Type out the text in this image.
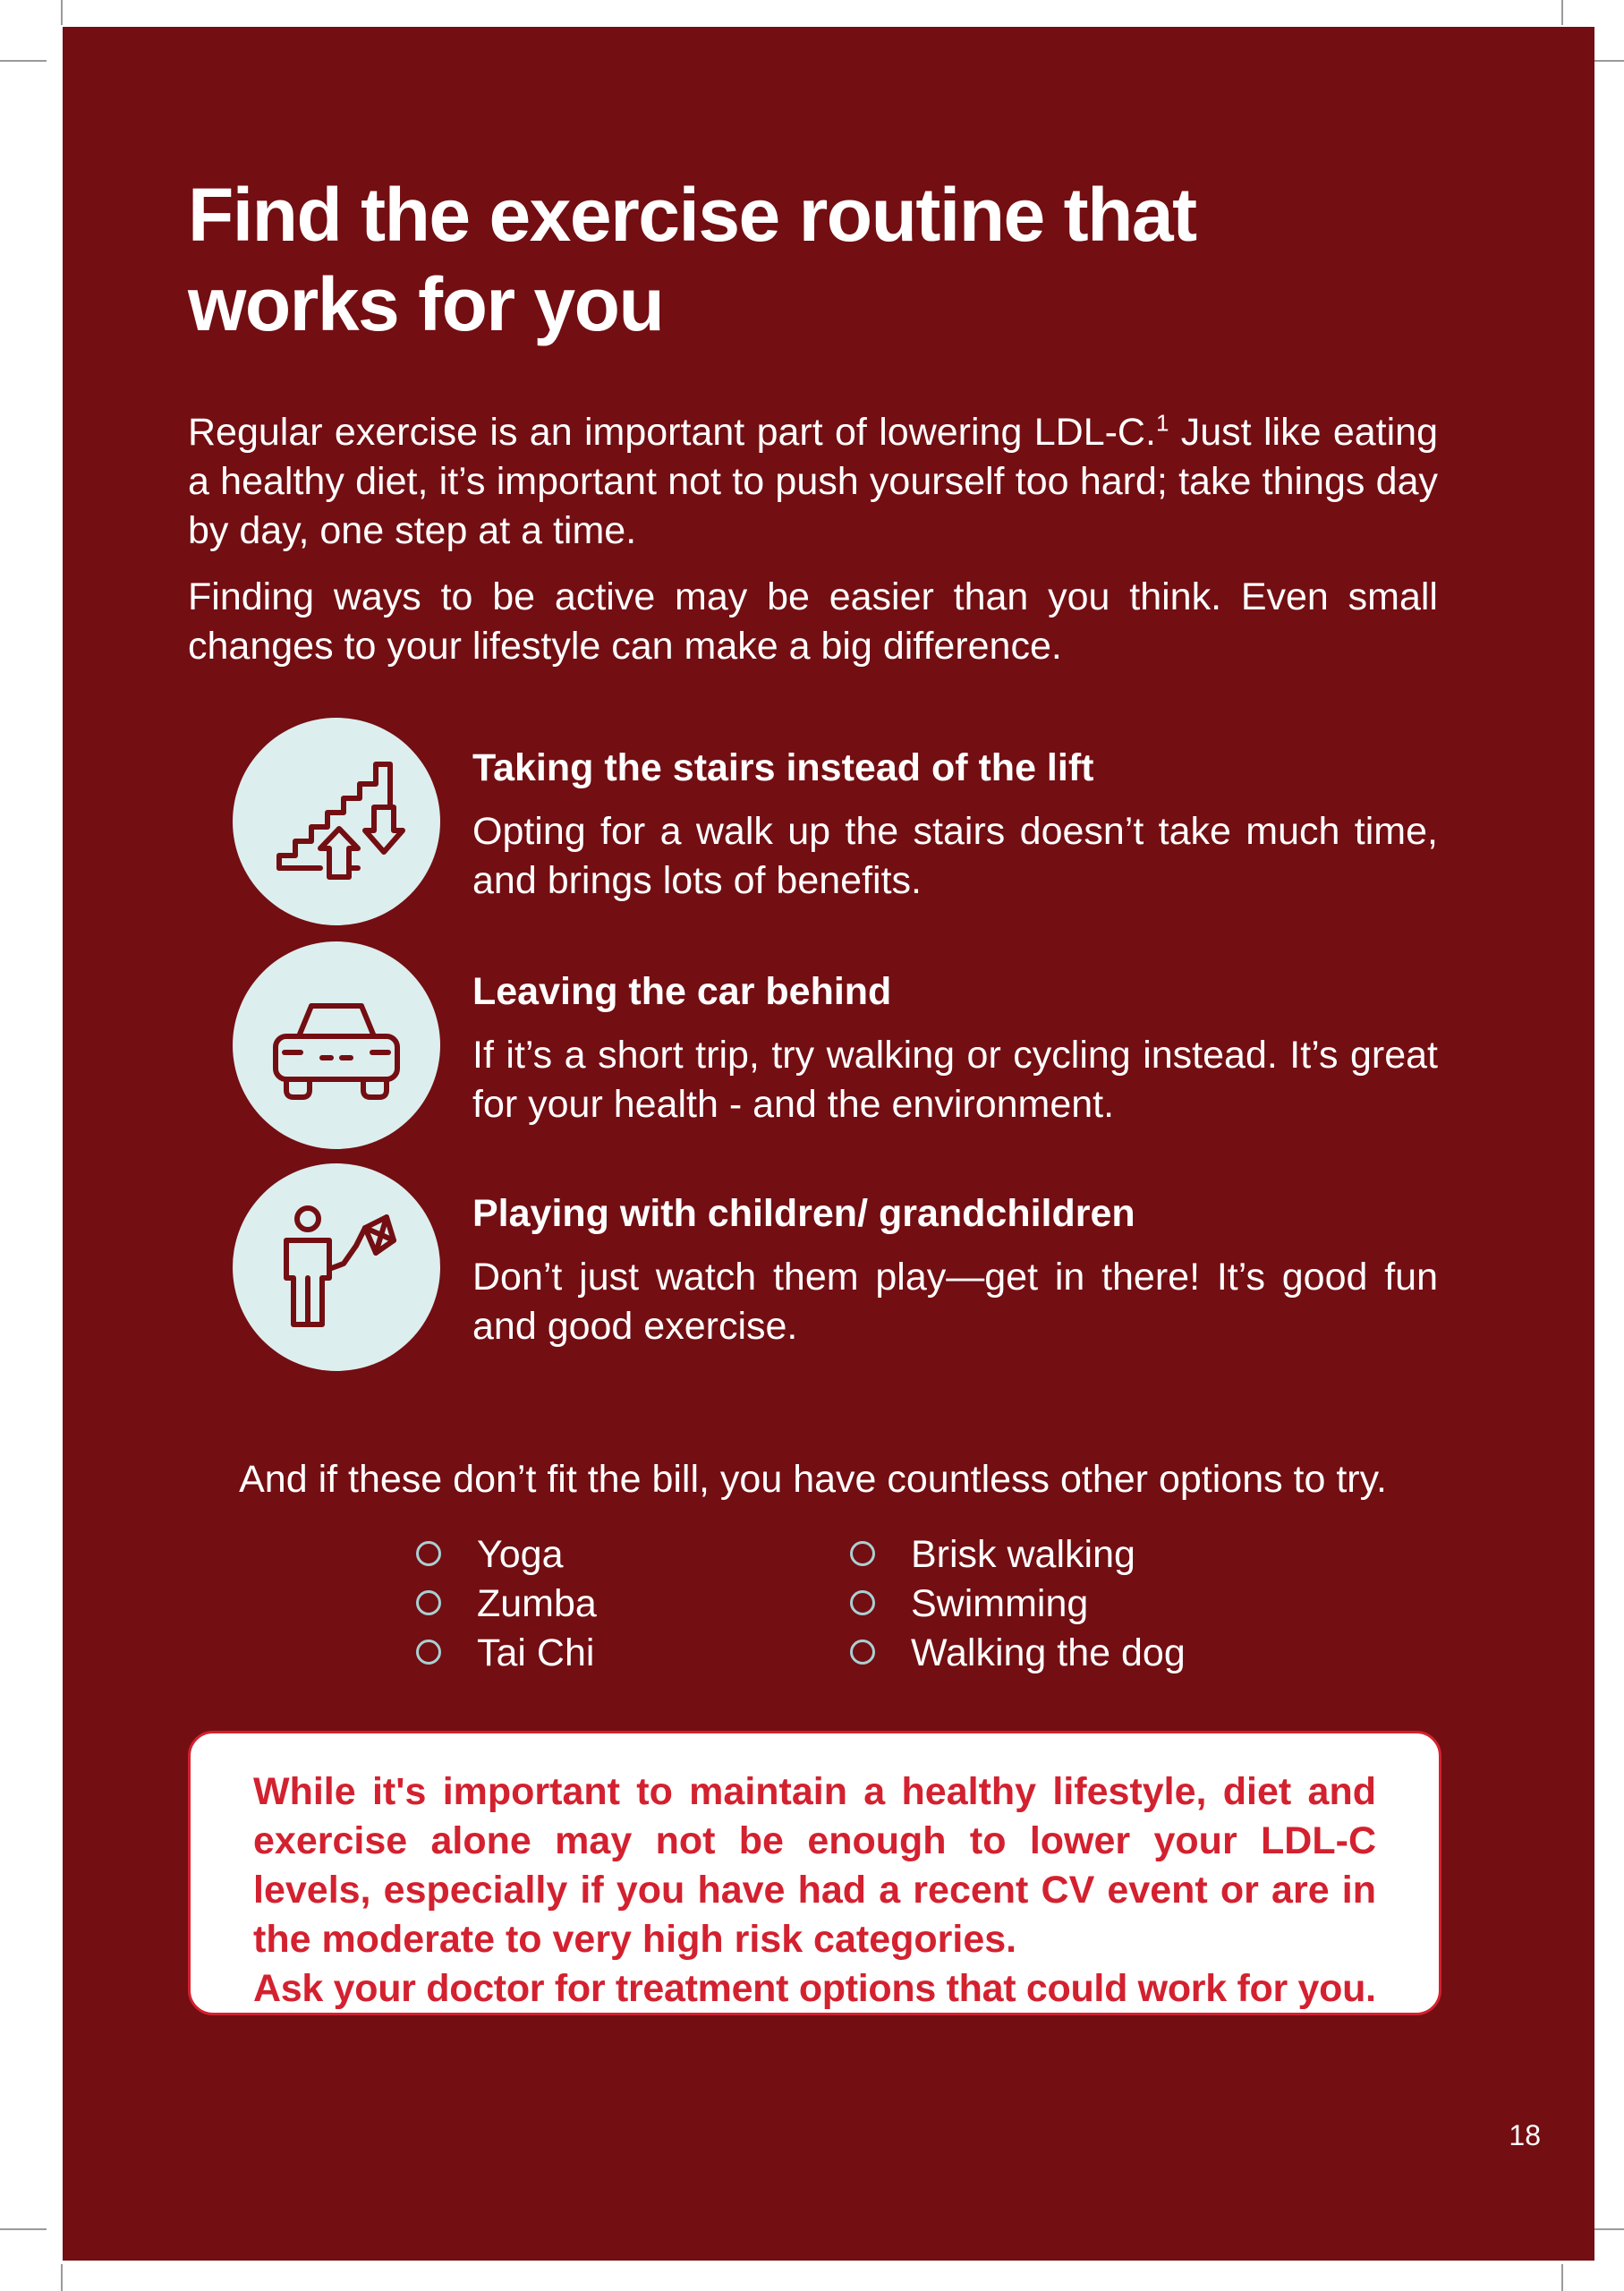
Find the exercise routine that works for you

Regular exercise is an important part of lowering LDL-C.$^1$ Just like eating a healthy diet, it’s important not to push yourself too hard; take things day by day, one step at a time.

Finding ways to be active may be easier than you think. Even small changes to your lifestyle can make a big difference.

Taking the stairs instead of the lift

Opting for a walk up the stairs doesn’t take much time, and brings lots of benefits.

Leaving the car behind

If it’s a short trip, try walking or cycling instead. It’s great for your health - and the environment.

Playing with children/ grandchildren

Don’t just watch them play—get in there! It’s good fun and good exercise.

And if these don’t fit the bill, you have countless other options to try.

Yoga
Zumba
Tai Chi
Brisk walking
Swimming
Walking the dog

While it's important to maintain a healthy lifestyle, diet and exercise alone may not be enough to lower your LDL-C levels, especially if you have had a recent CV event or are in the moderate to very high risk categories.

Ask your doctor for treatment options that could work for you.

18
